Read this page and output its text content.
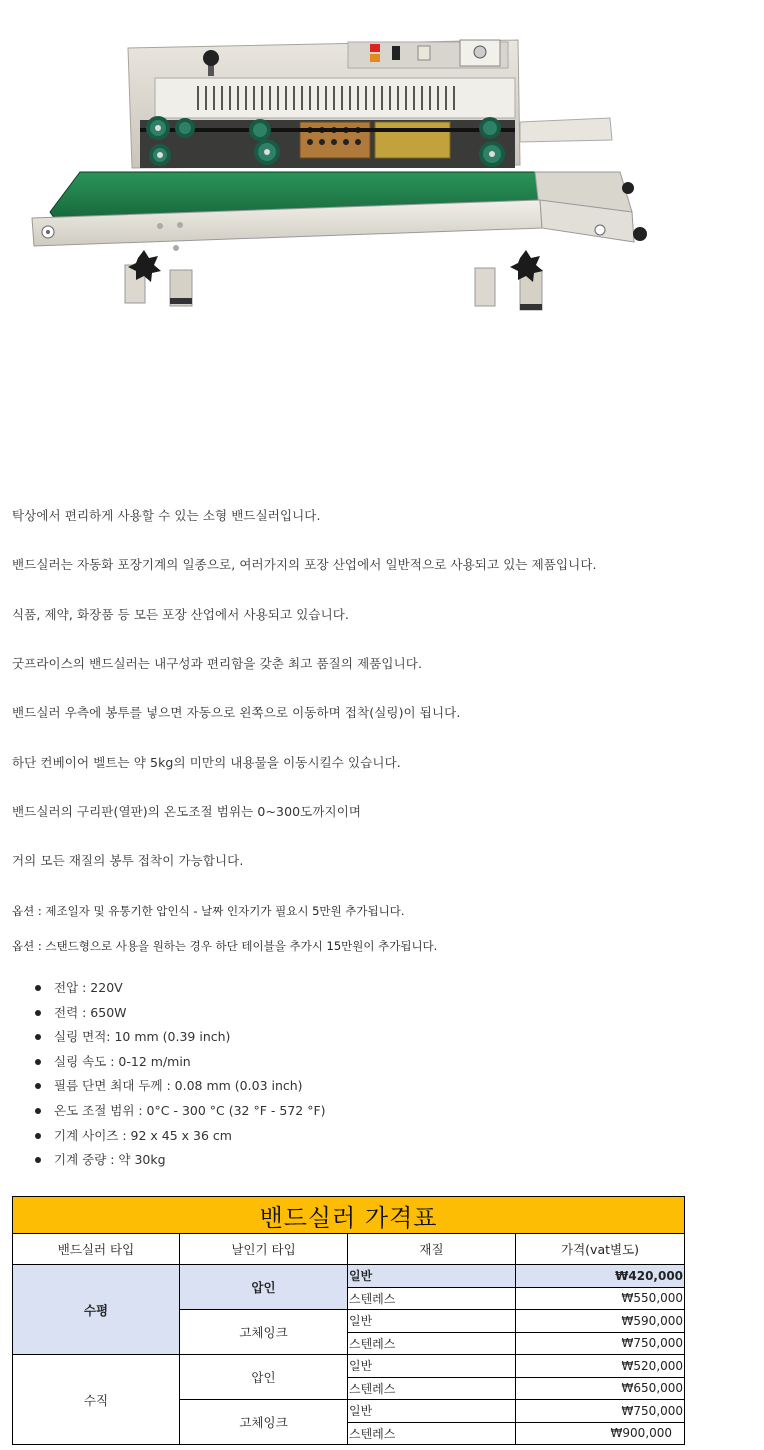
탁상에서 편리하게 사용할 수 있는 소형 밴드실러입니다.
밴드실러는 자동화 포장기계의 일종으로, 여러가지의 포장 산업에서 일반적으로 사용되고 있는 제품입니다.
식품, 제약, 화장품 등 모든 포장 산업에서 사용되고 있습니다.
굿프라이스의 밴드실러는 내구성과 편리함을 갖춘 최고 품질의 제품입니다.
밴드실러 우측에 봉투를 넣으면 자동으로 왼쪽으로 이동하며 접착(실링)이 됩니다.
하단 컨베이어 벨트는 약 5kg의 미만의 내용물을 이동시킬수 있습니다.
밴드실러의 구리판(열판)의 온도조절 범위는 0~300도까지이며
거의 모든 재질의 봉투 접착이 가능합니다.
옵션 : 제조일자 및 유통기한 압인식 - 날짜 인자기가 필요시 5만원 추가됩니다.
옵션 : 스탠드형으로 사용을 원하는 경우 하단 테이블을 추가시 15만원이 추가됩니다.
전압 : 220V
전력 : 650W
실링 면적: 10 mm (0.39 inch)
실링 속도 : 0-12 m/min
필름 단면 최대 두께 : 0.08 mm (0.03 inch)
온도 조절 범위 : 0°C - 300 °C (32 °F - 572 °F)
기계 사이즈 : 92 x 45 x 36 cm
기계 중량 : 약 30kg
밴드실러 가격표			
밴드실러 타입	날인기 타입	재질	가격(vat별도)
수평	압인	일반	₩420,000
		스텐레스	₩550,000
	고체잉크	일반	₩590,000
		스텐레스	₩750,000
수직	압인	일반	₩520,000
		스텐레스	₩650,000
	고체잉크	일반	₩750,000
		스텐레스	₩900,000
